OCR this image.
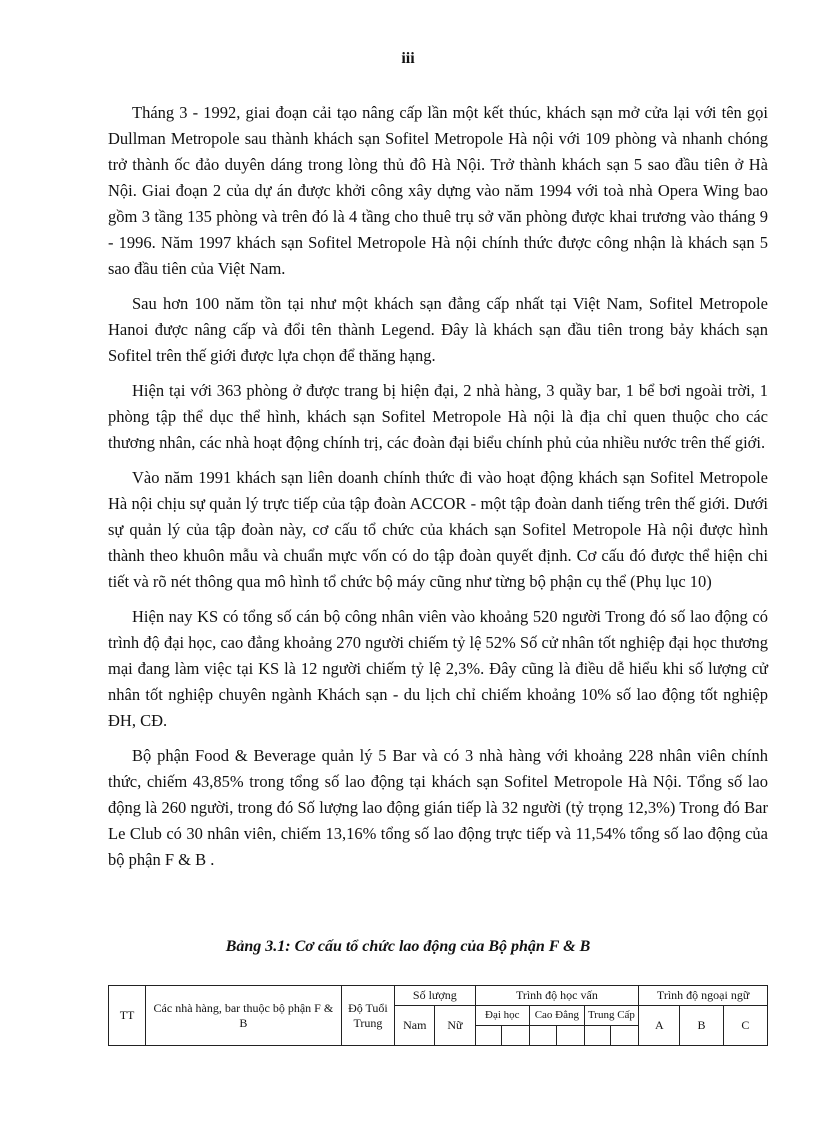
iii

Tháng 3 - 1992, giai đoạn cải tạo nâng cấp lần một kết thúc, khách sạn mở cửa lại với tên gọi Dullman Metropole sau thành khách sạn Sofitel Metropole Hà nội với 109 phòng và nhanh chóng trở thành ốc đảo duyên dáng trong lòng thủ đô Hà Nội. Trở thành khách sạn 5 sao đầu tiên ở Hà Nội. Giai đoạn 2 của dự án được khởi công xây dựng vào năm 1994 với toà nhà Opera Wing bao gồm 3 tầng 135 phòng và trên đó là 4 tầng cho thuê trụ sở văn phòng được khai trương vào tháng 9 - 1996. Năm 1997 khách sạn Sofitel Metropole Hà nội chính thức được công nhận là khách sạn 5 sao đầu tiên của Việt Nam.

Sau hơn 100 năm tồn tại như một khách sạn đẳng cấp nhất tại Việt Nam, Sofitel Metropole Hanoi được nâng cấp và đổi tên thành Legend. Đây là khách sạn đầu tiên trong bảy khách sạn Sofitel trên thế giới được lựa chọn để thăng hạng.

Hiện tại với 363 phòng ở được trang bị hiện đại, 2 nhà hàng, 3 quầy bar, 1 bể bơi ngoài trời, 1 phòng tập thể dục thể hình, khách sạn Sofitel Metropole Hà nội là địa chỉ quen thuộc cho các thương nhân, các nhà hoạt động chính trị, các đoàn đại biểu chính phủ của nhiều nước trên thế giới.

Vào năm 1991 khách sạn liên doanh chính thức đi vào hoạt động khách sạn Sofitel Metropole Hà nội chịu sự quản lý trực tiếp của tập đoàn ACCOR - một tập đoàn danh tiếng trên thế giới. Dưới sự quản lý của tập đoàn này, cơ cấu tổ chức của khách sạn Sofitel Metropole Hà nội được hình thành theo khuôn mẫu và chuẩn mực vốn có do tập đoàn quyết định. Cơ cấu đó được thể hiện chi tiết và rõ nét thông qua mô hình tổ chức bộ máy cũng như từng bộ phận cụ thể (Phụ lục 10)

Hiện nay KS có tổng số cán bộ công nhân viên vào khoảng 520 người Trong đó số lao động có trình độ đại học, cao đẳng khoảng 270 người chiếm tỷ lệ 52% Số cử nhân tốt nghiệp đại học thương mại đang làm việc tại KS là 12 người chiếm tỷ lệ 2,3%. Đây cũng là điều dễ hiểu khi số lượng cử nhân tốt nghiệp chuyên ngành Khách sạn - du lịch chỉ chiếm khoảng 10% số lao động tốt nghiệp ĐH, CĐ.

Bộ phận Food & Beverage quản lý 5 Bar và có 3 nhà hàng với khoảng 228 nhân viên chính thức, chiếm 43,85% trong tổng số lao động tại khách sạn Sofitel Metropole Hà Nội. Tổng số lao động là 260 người, trong đó Số lượng lao động gián tiếp là 32 người (tỷ trọng 12,3%) Trong đó Bar Le Club có 30 nhân viên, chiếm 13,16% tổng số lao động trực tiếp và 11,54% tổng số lao động của bộ phận F & B .

Bảng 3.1: Cơ cấu tổ chức lao động của Bộ phận F & B
TT	Các nhà hàng, bar thuộc bộ phận F & B	Độ Tuổi Trung	Số lượng		Trình độ học vấn						Trình độ ngoại ngữ		
			Nam	Nữ	Đại học		Cao Đẳng		Trung Cấp		A	B	C
